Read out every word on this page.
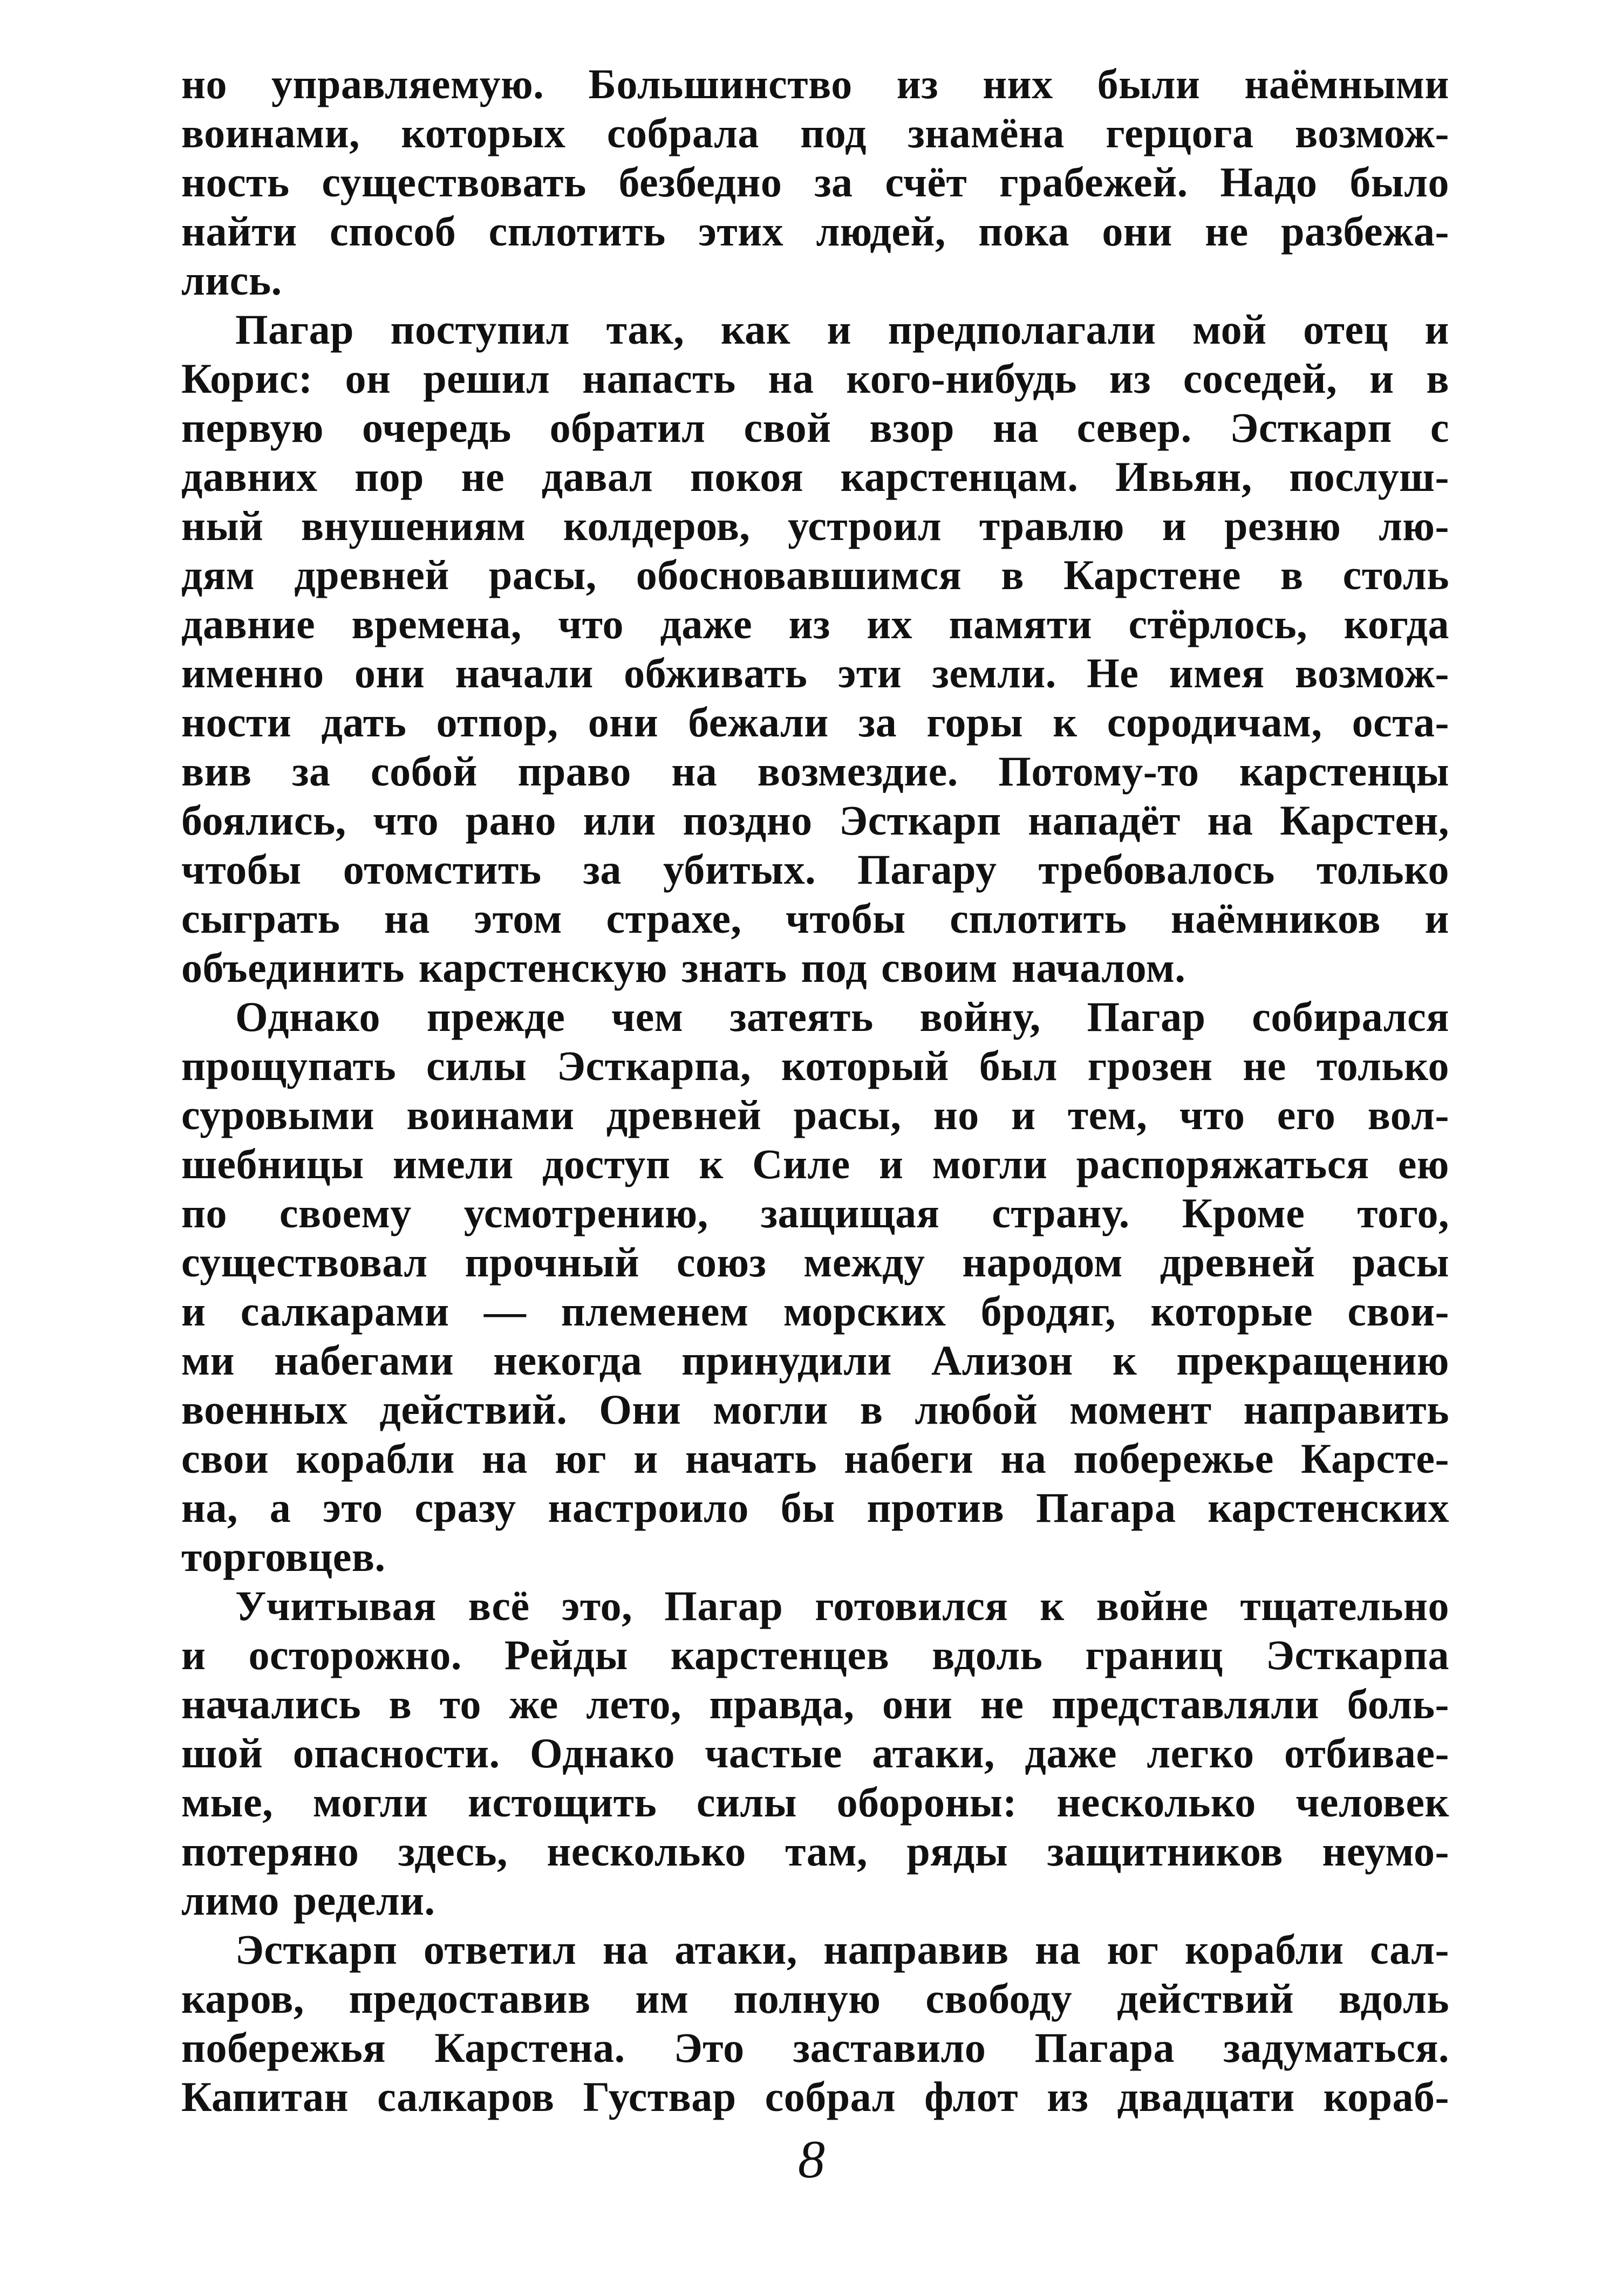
но управляемую. Большинство из них были наёмными
воинами, которых собрала под знамёна герцога возмож-
ность существовать безбедно за счёт грабежей. Надо было
найти способ сплотить этих людей, пока они не разбежа-
лись.
Пагар поступил так, как и предполагали мой отец и
Корис: он решил напасть на кого-нибудь из соседей, и в
первую очередь обратил свой взор на север. Эсткарп с
давних пор не давал покоя карстенцам. Ивьян, послуш-
ный внушениям колдеров, устроил травлю и резню лю-
дям древней расы, обосновавшимся в Карстене в столь
давние времена, что даже из их памяти стёрлось, когда
именно они начали обживать эти земли. Не имея возмож-
ности дать отпор, они бежали за горы к сородичам, оста-
вив за собой право на возмездие. Потому-то карстенцы
боялись, что рано или поздно Эсткарп нападёт на Карстен,
чтобы отомстить за убитых. Пагару требовалось только
сыграть на этом страхе, чтобы сплотить наёмников и
объединить карстенскую знать под своим началом.
Однако прежде чем затеять войну, Пагар собирался
прощупать силы Эсткарпа, который был грозен не только
суровыми воинами древней расы, но и тем, что его вол-
шебницы имели доступ к Силе и могли распоряжаться ею
по своему усмотрению, защищая страну. Кроме того,
существовал прочный союз между народом древней расы
и салкарами — племенем морских бродяг, которые свои-
ми набегами некогда принудили Ализон к прекращению
военных действий. Они могли в любой момент направить
свои корабли на юг и начать набеги на побережье Карсте-
на, а это сразу настроило бы против Пагара карстенских
торговцев.
Учитывая всё это, Пагар готовился к войне тщательно
и осторожно. Рейды карстенцев вдоль границ Эсткарпа
начались в то же лето, правда, они не представляли боль-
шой опасности. Однако частые атаки, даже легко отбивае-
мые, могли истощить силы обороны: несколько человек
потеряно здесь, несколько там, ряды защитников неумо-
лимо редели.
Эсткарп ответил на атаки, направив на юг корабли сал-
каров, предоставив им полную свободу действий вдоль
побережья Карстена. Это заставило Пагара задуматься.
Капитан салкаров Густвар собрал флот из двадцати кораб-
8
